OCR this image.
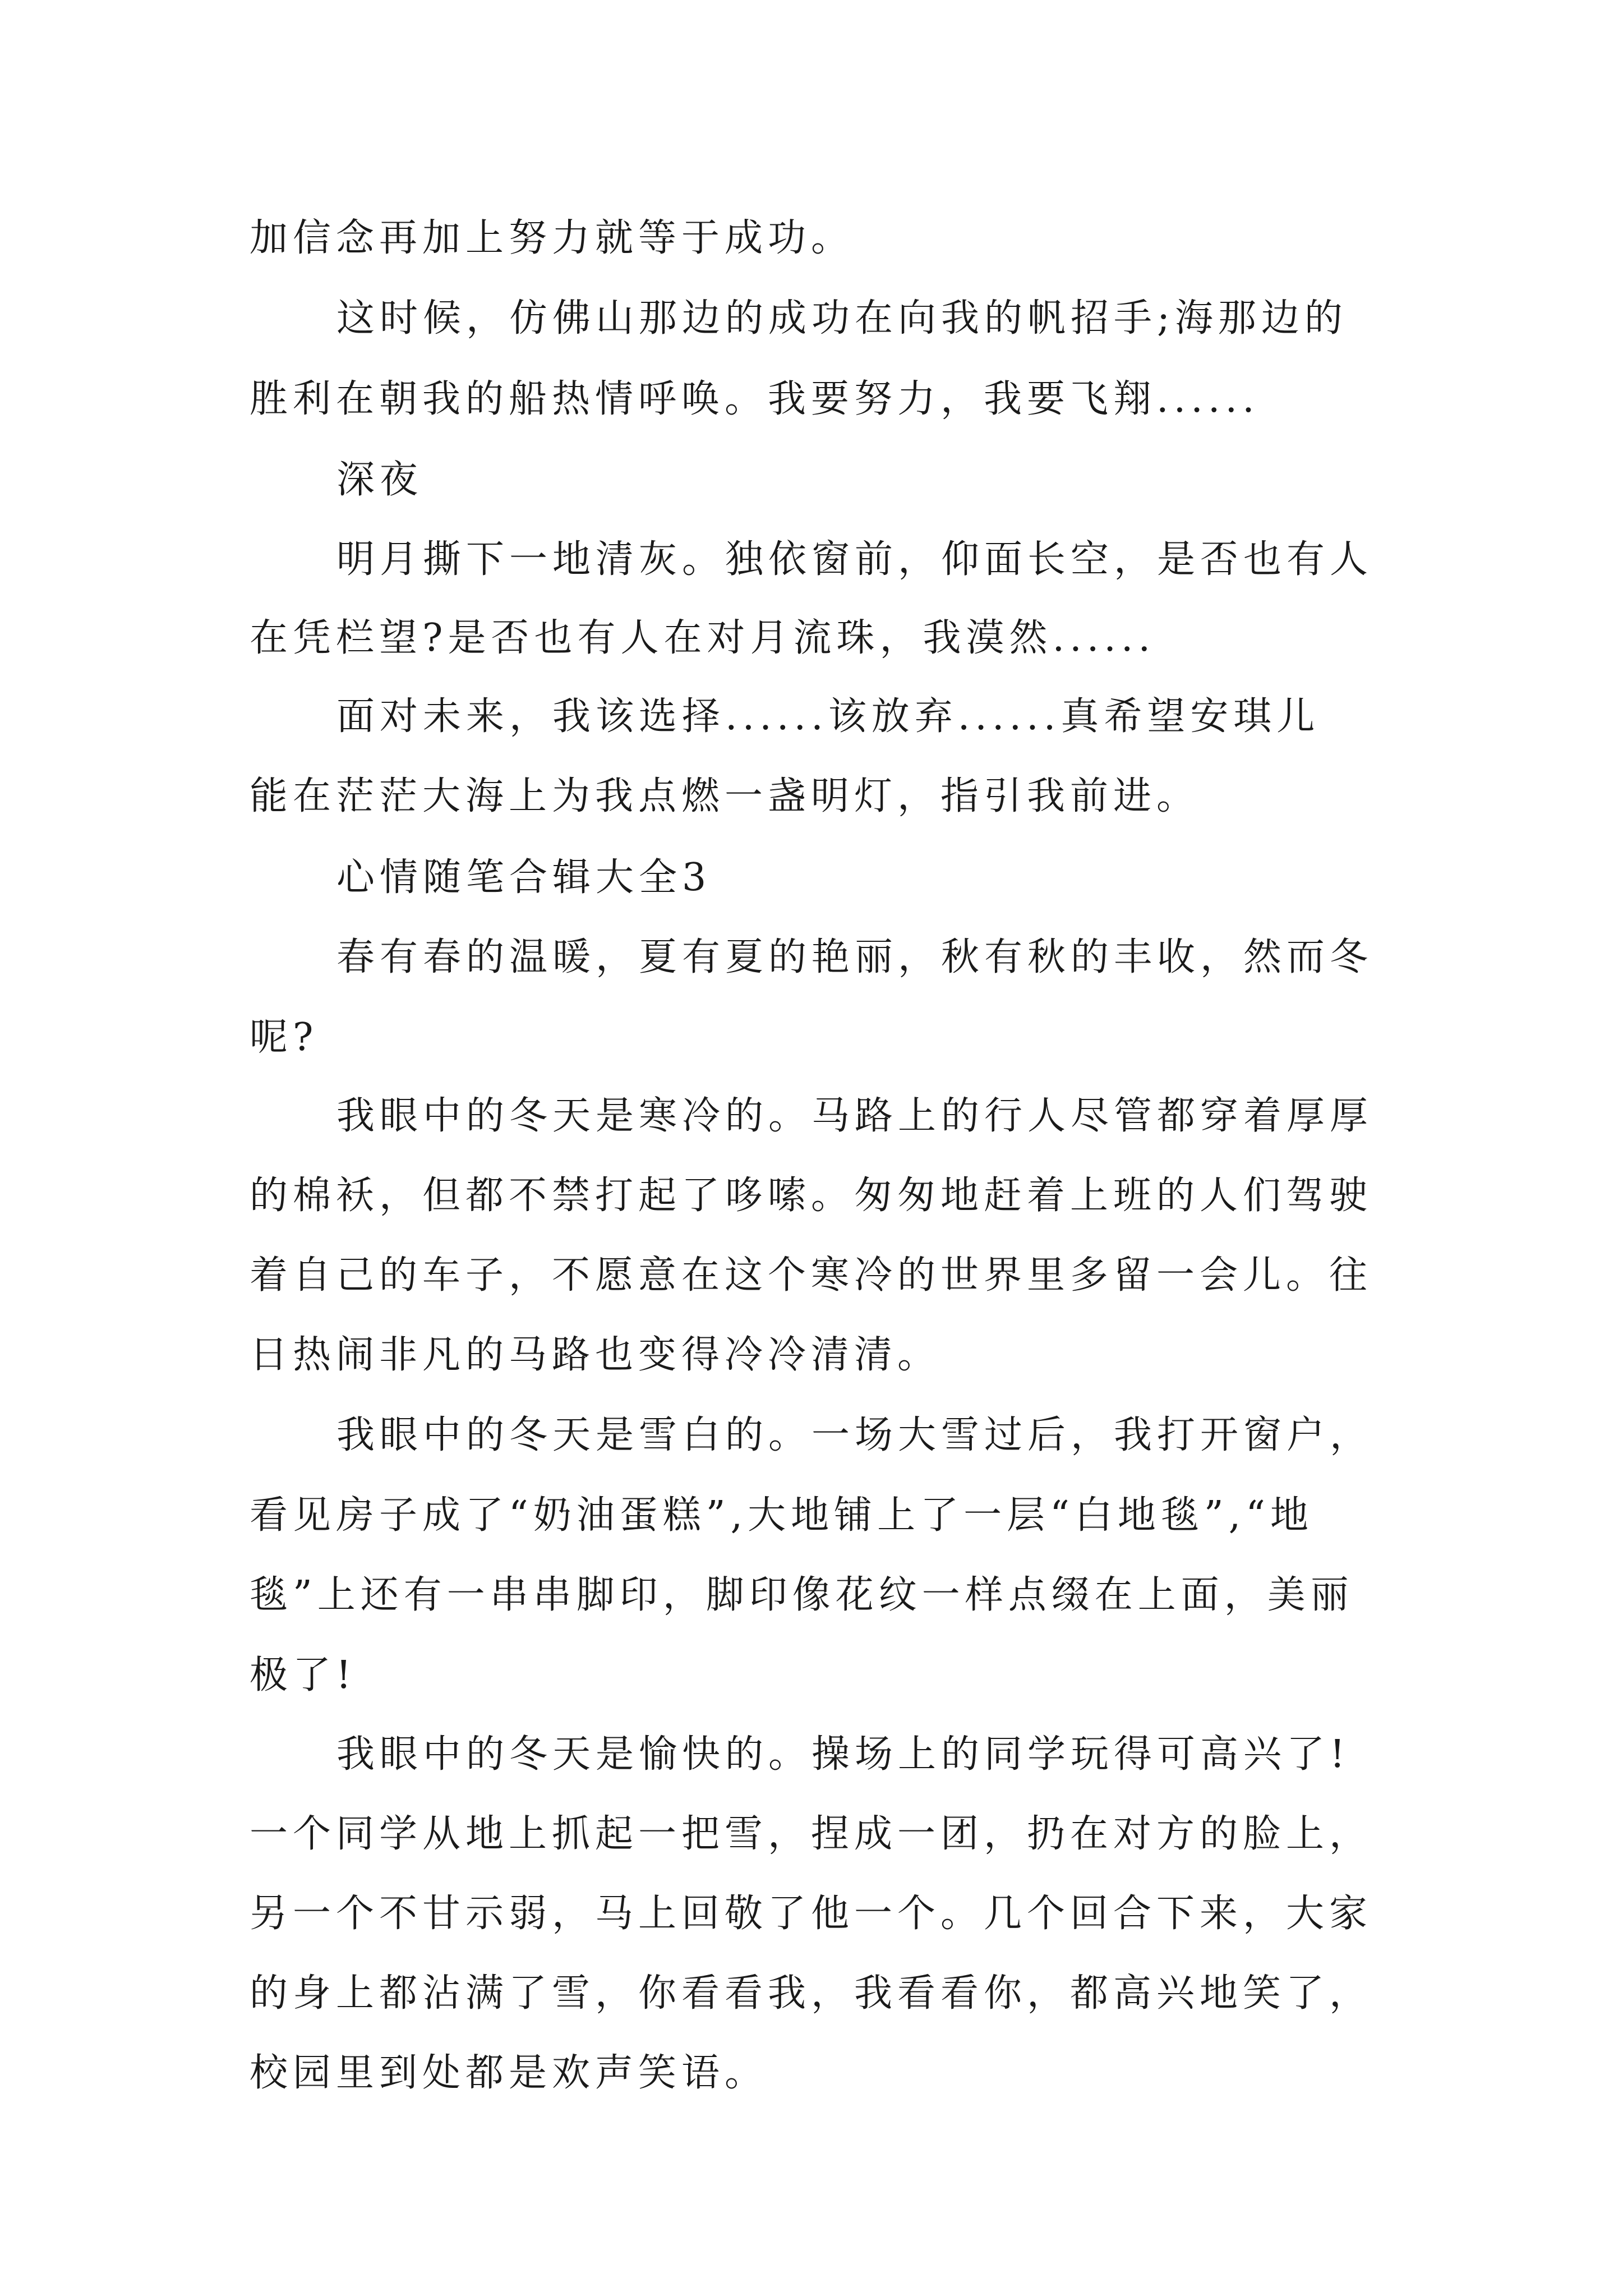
加信念再加上努力就等于成功。

这时候，仿佛山那边的成功在向我的帆招手;海那边的

胜利在朝我的船热情呼唤。我要努力，我要飞翔......

深夜

明月撕下一地清灰。独依窗前，仰面长空，是否也有人

在凭栏望?是否也有人在对月流珠，我漠然......

面对未来，我该选择......该放弃......真希望安琪儿

能在茫茫大海上为我点燃一盏明灯，指引我前进。

心情随笔合辑大全3

春有春的温暖，夏有夏的艳丽，秋有秋的丰收，然而冬

呢?

我眼中的冬天是寒冷的。马路上的行人尽管都穿着厚厚

的棉袄，但都不禁打起了哆嗦。匆匆地赶着上班的人们驾驶

着自己的车子，不愿意在这个寒冷的世界里多留一会儿。往

日热闹非凡的马路也变得冷冷清清。

我眼中的冬天是雪白的。一场大雪过后，我打开窗户，

看见房子成了“奶油蛋糕”,大地铺上了一层“白地毯”,“地

毯”上还有一串串脚印，脚印像花纹一样点缀在上面，美丽

极了!

我眼中的冬天是愉快的。操场上的同学玩得可高兴了!

一个同学从地上抓起一把雪，捏成一团，扔在对方的脸上，

另一个不甘示弱，马上回敬了他一个。几个回合下来，大家

的身上都沾满了雪，你看看我，我看看你，都高兴地笑了，

校园里到处都是欢声笑语。
